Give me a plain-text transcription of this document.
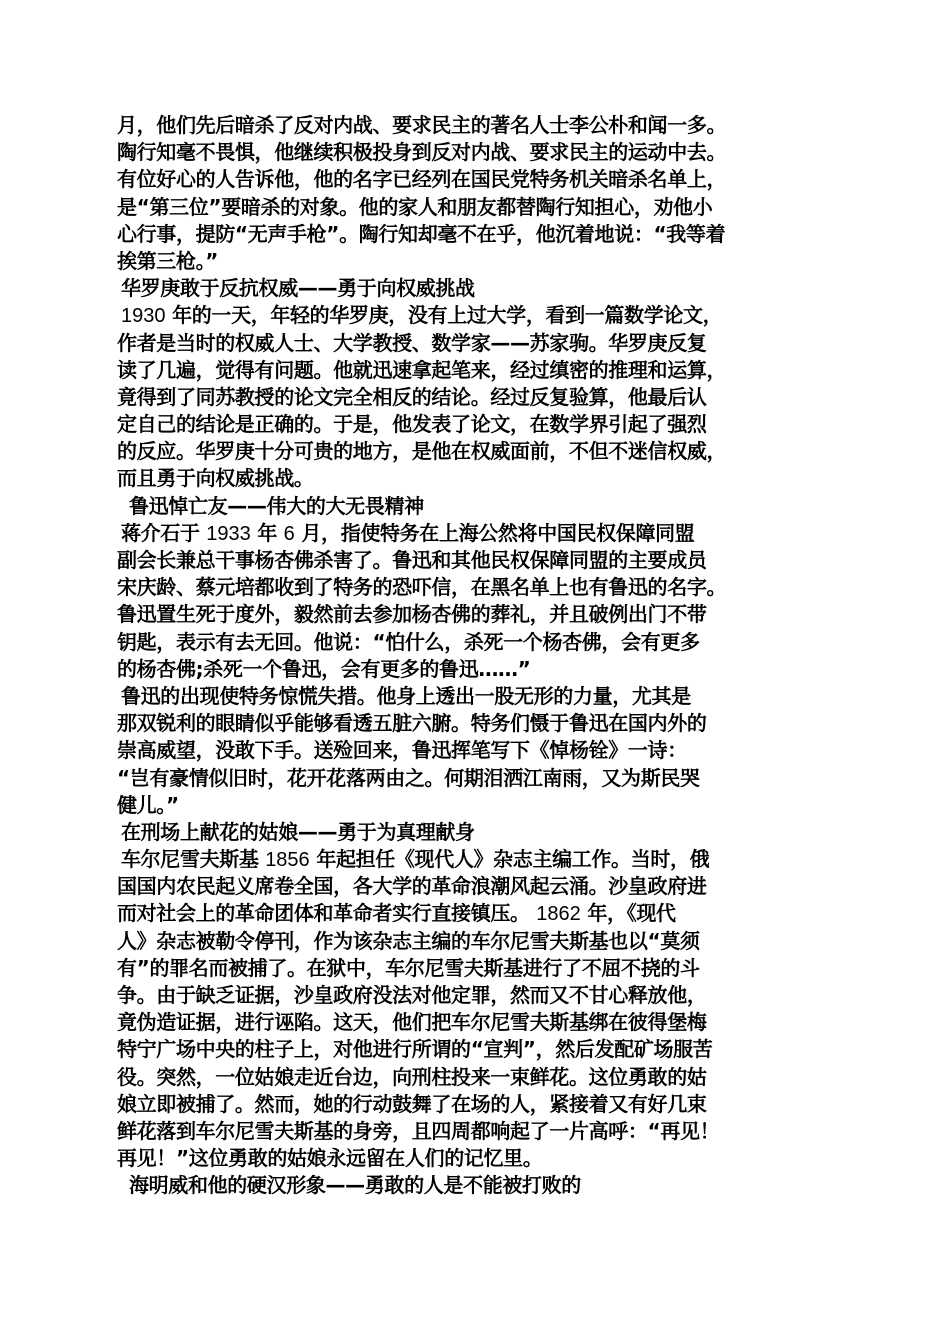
月，他们先后暗杀了反对内战、要求民主的著名人士李公朴和闻一多。
陶行知毫不畏惧，他继续积极投身到反对内战、要求民主的运动中去。
有位好心的人告诉他，他的名字已经列在国民党特务机关暗杀名单上，
是“第三位”要暗杀的对象。他的家人和朋友都替陶行知担心，劝他小
心行事，提防“无声手枪”。陶行知却毫不在乎，他沉着地说：“我等着
挨第三枪。”
华罗庚敢于反抗权威——勇于向权威挑战
1930 年的一天，年轻的华罗庚，没有上过大学，看到一篇数学论文，
作者是当时的权威人士、大学教授、数学家——苏家驹。华罗庚反复
读了几遍，觉得有问题。他就迅速拿起笔来，经过缜密的推理和运算，
竟得到了同苏教授的论文完全相反的结论。经过反复验算，他最后认
定自己的结论是正确的。于是，他发表了论文，在数学界引起了强烈
的反应。华罗庚十分可贵的地方，是他在权威面前，不但不迷信权威，
而且勇于向权威挑战。
鲁迅悼亡友——伟大的大无畏精神
蒋介石于 1933 年 6 月，指使特务在上海公然将中国民权保障同盟
副会长兼总干事杨杏佛杀害了。鲁迅和其他民权保障同盟的主要成员
宋庆龄、蔡元培都收到了特务的恐吓信，在黑名单上也有鲁迅的名字。
鲁迅置生死于度外，毅然前去参加杨杏佛的葬礼，并且破例出门不带
钥匙，表示有去无回。他说：“怕什么，杀死一个杨杏佛，会有更多
的杨杏佛;杀死一个鲁迅，会有更多的鲁迅……”
鲁迅的出现使特务惊慌失措。他身上透出一股无形的力量，尤其是
那双锐利的眼睛似乎能够看透五脏六腑。特务们慑于鲁迅在国内外的
崇高威望，没敢下手。送殓回来，鲁迅挥笔写下《悼杨铨》一诗：
“岂有豪情似旧时，花开花落两由之。何期泪洒江南雨，又为斯民哭
健儿。”
在刑场上献花的姑娘——勇于为真理献身
车尔尼雪夫斯基 1856 年起担任《现代人》杂志主编工作。当时，俄
国国内农民起义席卷全国，各大学的革命浪潮风起云涌。沙皇政府进
而对社会上的革命团体和革命者实行直接镇压。 1862 年，《现代
人》杂志被勒令停刊，作为该杂志主编的车尔尼雪夫斯基也以“莫须
有”的罪名而被捕了。在狱中，车尔尼雪夫斯基进行了不屈不挠的斗
争。由于缺乏证据，沙皇政府没法对他定罪，然而又不甘心释放他，
竟伪造证据，进行诬陷。这天，他们把车尔尼雪夫斯基绑在彼得堡梅
特宁广场中央的柱子上，对他进行所谓的“宣判”，然后发配矿场服苦
役。突然，一位姑娘走近台边，向刑柱投来一束鲜花。这位勇敢的姑
娘立即被捕了。然而，她的行动鼓舞了在场的人，紧接着又有好几束
鲜花落到车尔尼雪夫斯基的身旁，且四周都响起了一片高呼：“再见！
再见！”这位勇敢的姑娘永远留在人们的记忆里。
海明威和他的硬汉形象——勇敢的人是不能被打败的
